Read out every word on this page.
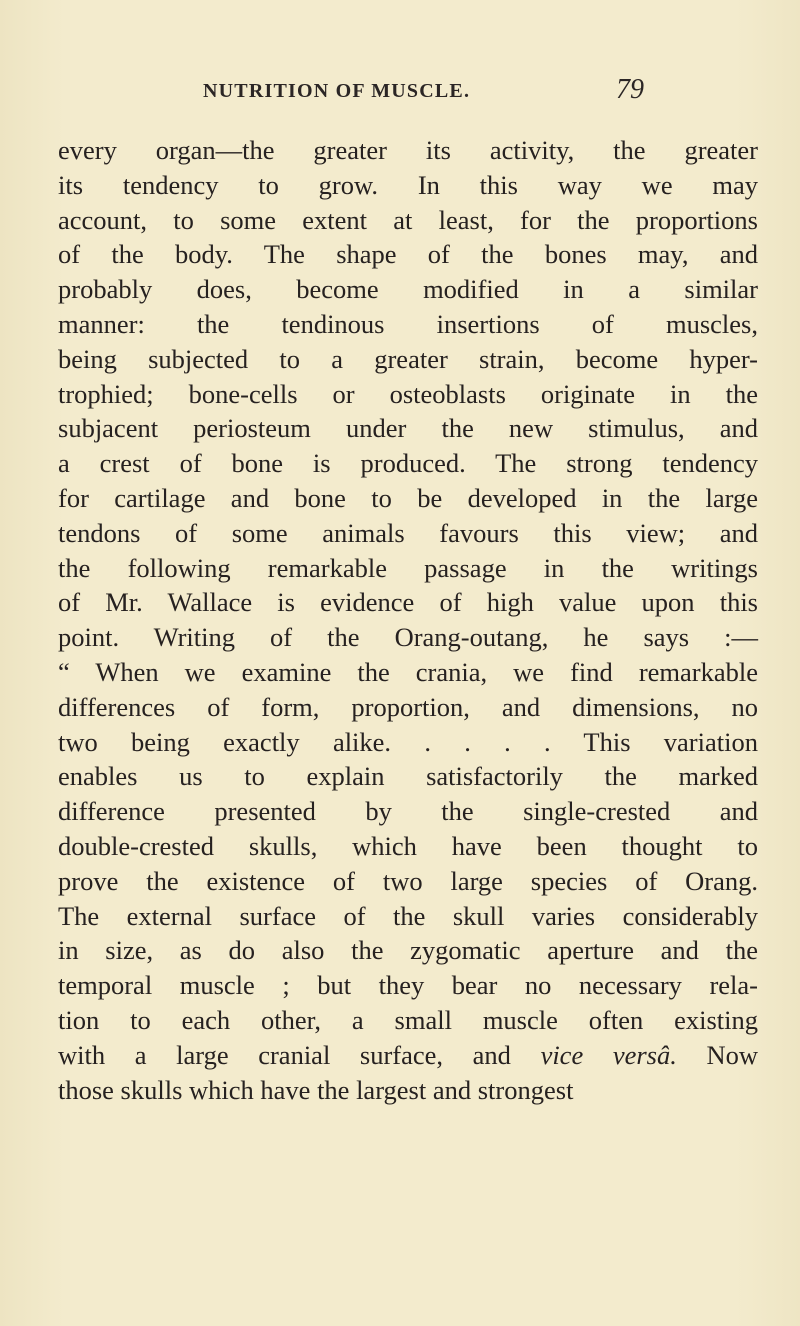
NUTRITION OF MUSCLE.	79
every organ—the greater its activity, the greater
its tendency to grow. In this way we may
account, to some extent at least, for the proportions
of the body. The shape of the bones may, and
probably does, become modified in a similar
manner: the tendinous insertions of muscles,
being subjected to a greater strain, become hyper-
trophied; bone-cells or osteoblasts originate in the
subjacent periosteum under the new stimulus, and
a crest of bone is produced. The strong tendency
for cartilage and bone to be developed in the large
tendons of some animals favours this view; and
the following remarkable passage in the writings
of Mr. Wallace is evidence of high value upon this
point. Writing of the Orang-outang, he says :—
“ When we examine the crania, we find remarkable
differences of form, proportion, and dimensions, no
two being exactly alike. . . . . This variation
enables us to explain satisfactorily the marked
difference presented by the single-crested and
double-crested skulls, which have been thought to
prove the existence of two large species of Orang.
The external surface of the skull varies considerably
in size, as do also the zygomatic aperture and the
temporal muscle ; but they bear no necessary rela-
tion to each other, a small muscle often existing
with a large cranial surface, and vice versâ. Now
those skulls which have the largest and strongest
